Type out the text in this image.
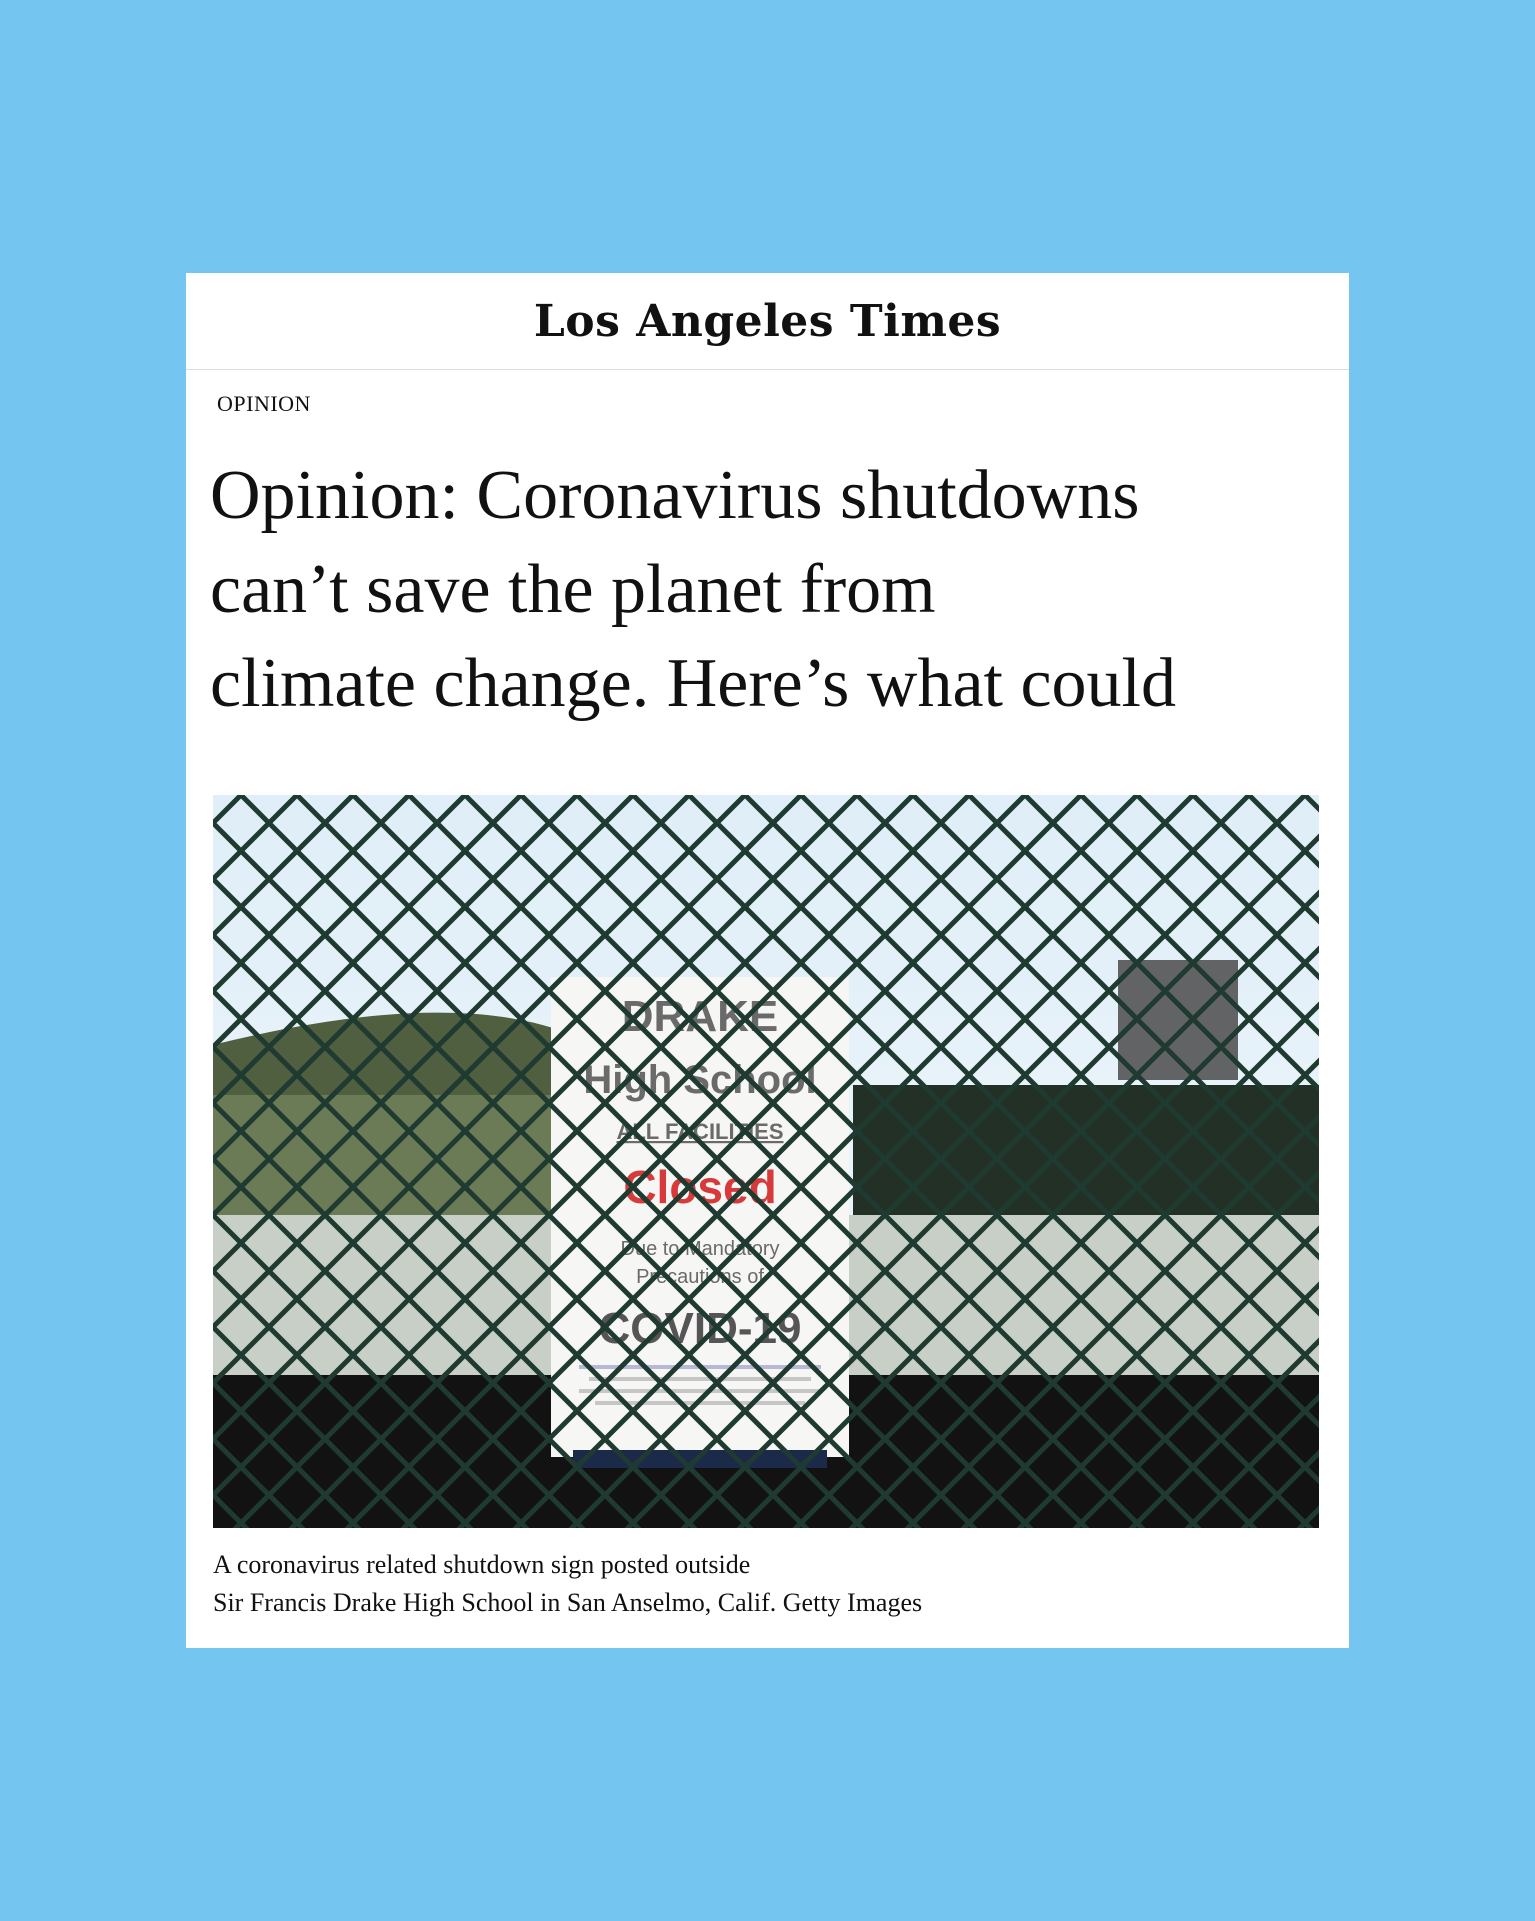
Los Angeles Times
OPINION
Opinion: Coronavirus shutdowns
can’t save the planet from
climate change. Here’s what could
A coronavirus related shutdown sign posted outside
Sir Francis Drake High School in San Anselmo, Calif. Getty Images
